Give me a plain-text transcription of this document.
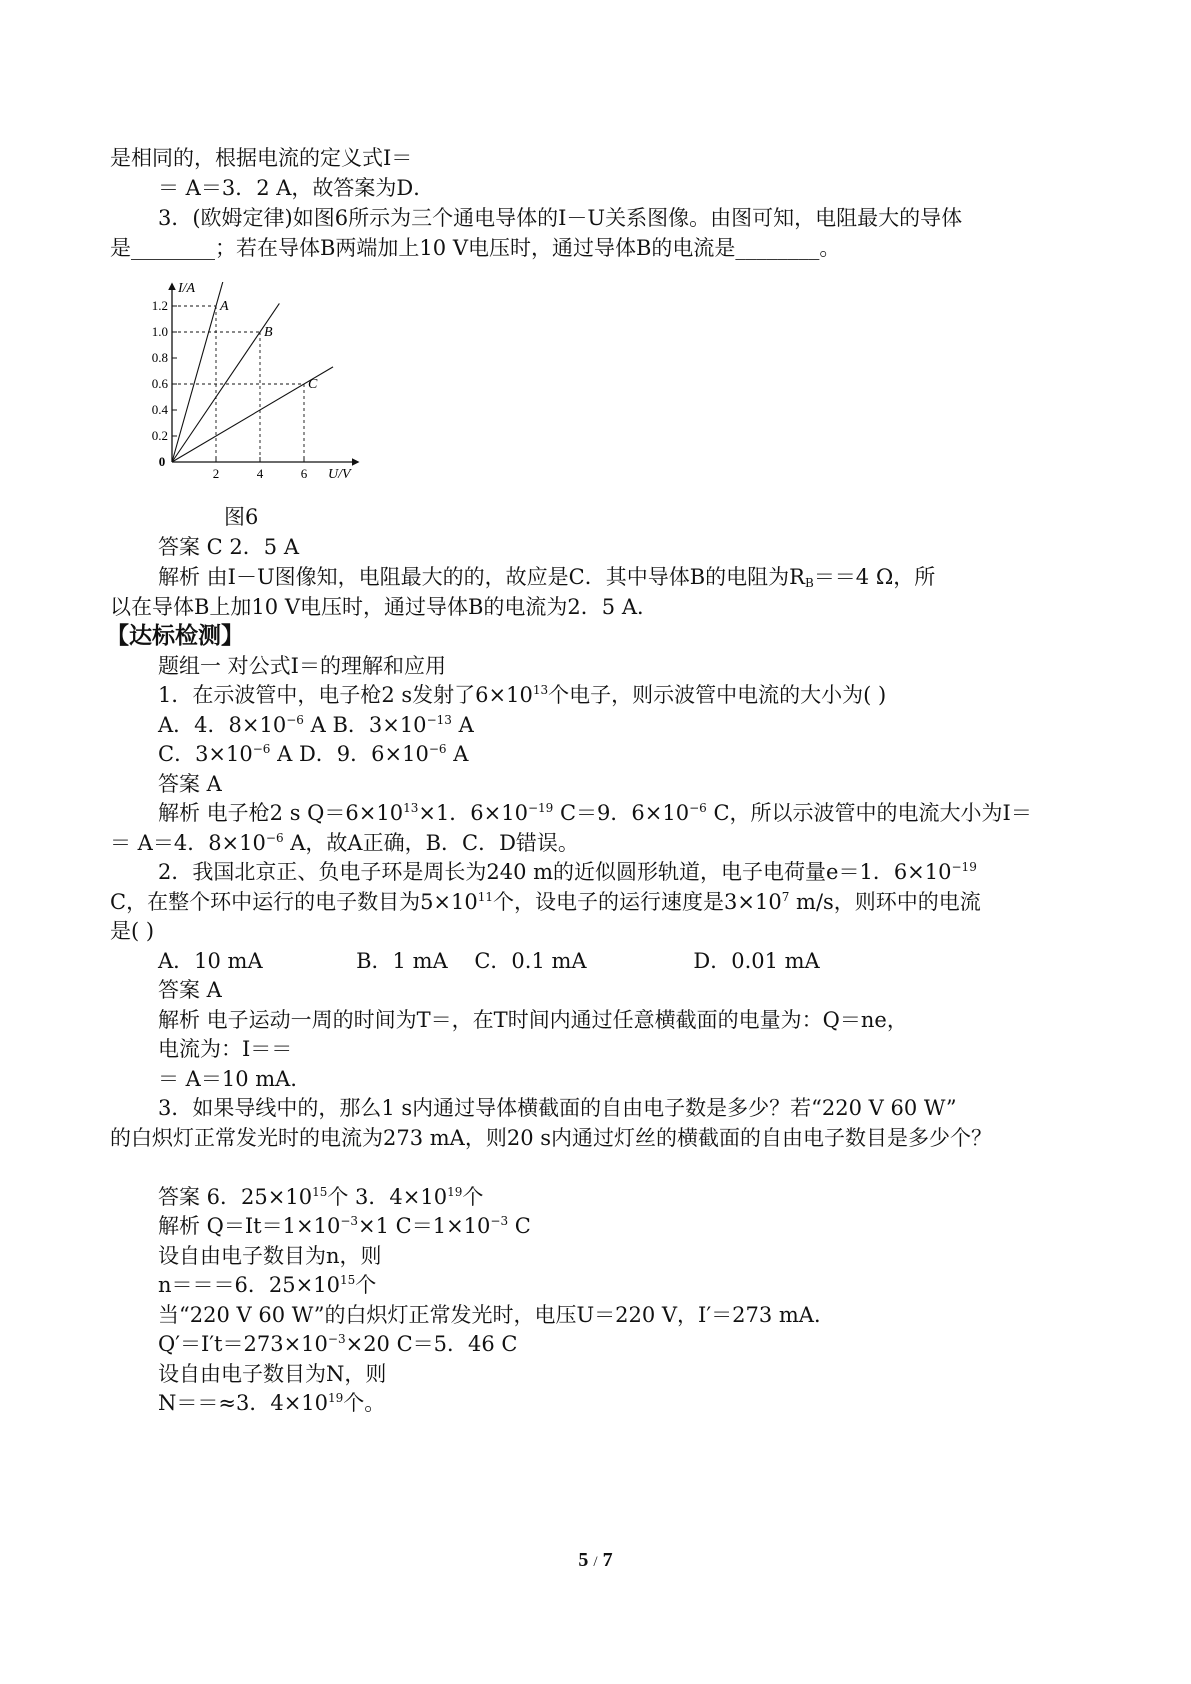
是相同的，根据电流的定义式I＝
＝ A＝3．2 A，故答案为D．
3．(欧姆定律)如图6所示为三个通电导体的I－U关系图像。由图可知，电阻最大的导体
是________；若在导体B两端加上10 V电压时，通过导体B的电流是________。
0.2
0.4
0.6
0.8
1.0
1.2
2	4	6
A
B
C
I/A
U/V
0
图6
答案 C 2．5 A
解析 由I－U图像知，电阻最大的的，故应是C．其中导体B的电阻为$R_B==4$ Ω，所
以在导体B上加10 V电压时，通过导体B的电流为2．5 A．
【达标检测】
题组一 对公式I＝的理解和应用
1．在示波管中，电子枪2 s发射了$6\times 10^{13}$个电子，则示波管中电流的大小为( )
A．4．$8\times 10^{-6}$ A B．$3\times 10^{-13}$ A
C．$3\times 10^{-6}$ A D．9．$6\times 10^{-6}$ A
答案 A
解析 电子枪2 s $Q=6\times 10^{13}\times 1$．$6\times 10^{-19}$ C＝9．$6\times 10^{-6}$ C，所以示波管中的电流大小为I＝
＝ A＝4．$8\times 10^{-6}$ A，故A正确，B．C．D错误。
2．我国北京正、负电子环是周长为240 m的近似圆形轨道，电子电荷量e＝1．$6\times 10^{-19}$
C，在整个环中运行的电子数目为$5\times 10^{11}$个，设电子的运行速度是$3\times 10^7$ m/s，则环中的电流
是( )
A．10 mA              B．1 mA    C．0.1 mA                D．0.01 mA
答案 A
解析 电子运动一周的时间为T＝，在T时间内通过任意横截面的电量为：Q＝ne，
电流为：I＝＝
＝ A＝10 mA．
3．如果导线中的，那么1 s内通过导体横截面的自由电子数是多少？若“220 V 60 W”
的白炽灯正常发光时的电流为273 mA，则20 s内通过灯丝的横截面的自由电子数目是多少个？
答案 6．$25\times 10^{15}$个 3．$4\times 10^{19}$个
解析 $Q=It=1\times 10^{-3}\times 1$ $C=1\times 10^{-3}$ C
设自由电子数目为n，则
n＝＝＝6．$25\times 10^{15}$个
当“220 V 60 W”的白炽灯正常发光时，电压U＝220 V，I′＝273 mA．
$Q'=I't=273\times 10^{-3}\times 20$ C＝5．46 C
设自由电子数目为N，则
N＝＝≈3．$4\times 10^{19}$个。
5 / 7
